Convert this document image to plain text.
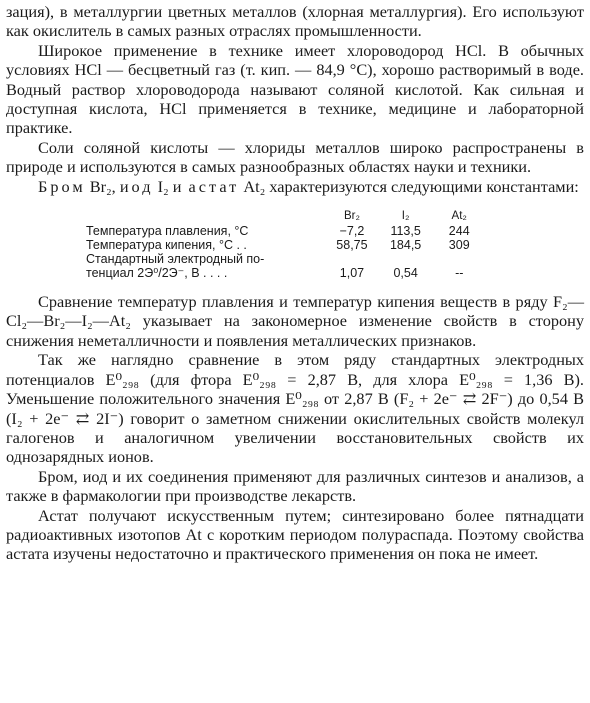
зация), в металлургии цветных металлов (хлорная металлургия). Его используют как окислитель в самых разных отраслях промышленности.

Широкое применение в технике имеет хлороводород HCl. В обычных условиях HCl — бесцветный газ (т. кип. — 84,9 °C), хорошо растворимый в воде. Водный раствор хлороводорода называют соляной кислотой. Как сильная и доступная кислота, HCl применяется в технике, медицине и лабораторной практике.

Соли соляной кислоты — хлориды металлов широко распространены в природе и используются в самых разнообразных областях науки и техники.

Бром Br₂, иод I₂ и астат At₂ характеризуются следующими константами:

	Br₂	I₂	At₂
Температура плавления, °C	−7,2	113,5	244
Температура кипения, °C . .	58,75	184,5	309
Стандартный электродный по-			
тенциал 2Э⁰/2Э⁻, В . . . .	1,07	0,54	--

Сравнение температур плавления и температур кипения веществ в ряду F₂—Cl₂—Br₂—I₂—At₂ указывает на закономерное изменение свойств в сторону снижения неметалличности и появления металлических признаков.

Так же наглядно сравнение в этом ряду стандартных электродных потенциалов E⁰₂₉₈ (для фтора E⁰₂₉₈ = 2,87 В, для хлора E⁰₂₉₈ = 1,36 В). Уменьшение положительного значения E⁰₂₉₈ от 2,87 В (F₂ + 2e⁻ ⇄ 2F⁻) до 0,54 В (I₂ + 2e⁻ ⇄ 2I⁻) говорит о заметном снижении окислительных свойств молекул галогенов и аналогичном увеличении восстановительных свойств их однозарядных ионов.

Бром, иод и их соединения применяют для различных синтезов и анализов, а также в фармакологии при производстве лекарств.

Астат получают искусственным путем; синтезировано более пятнадцати радиоактивных изотопов At с коротким периодом полураспада. Поэтому свойства астата изучены недостаточно и практического применения он пока не имеет.
